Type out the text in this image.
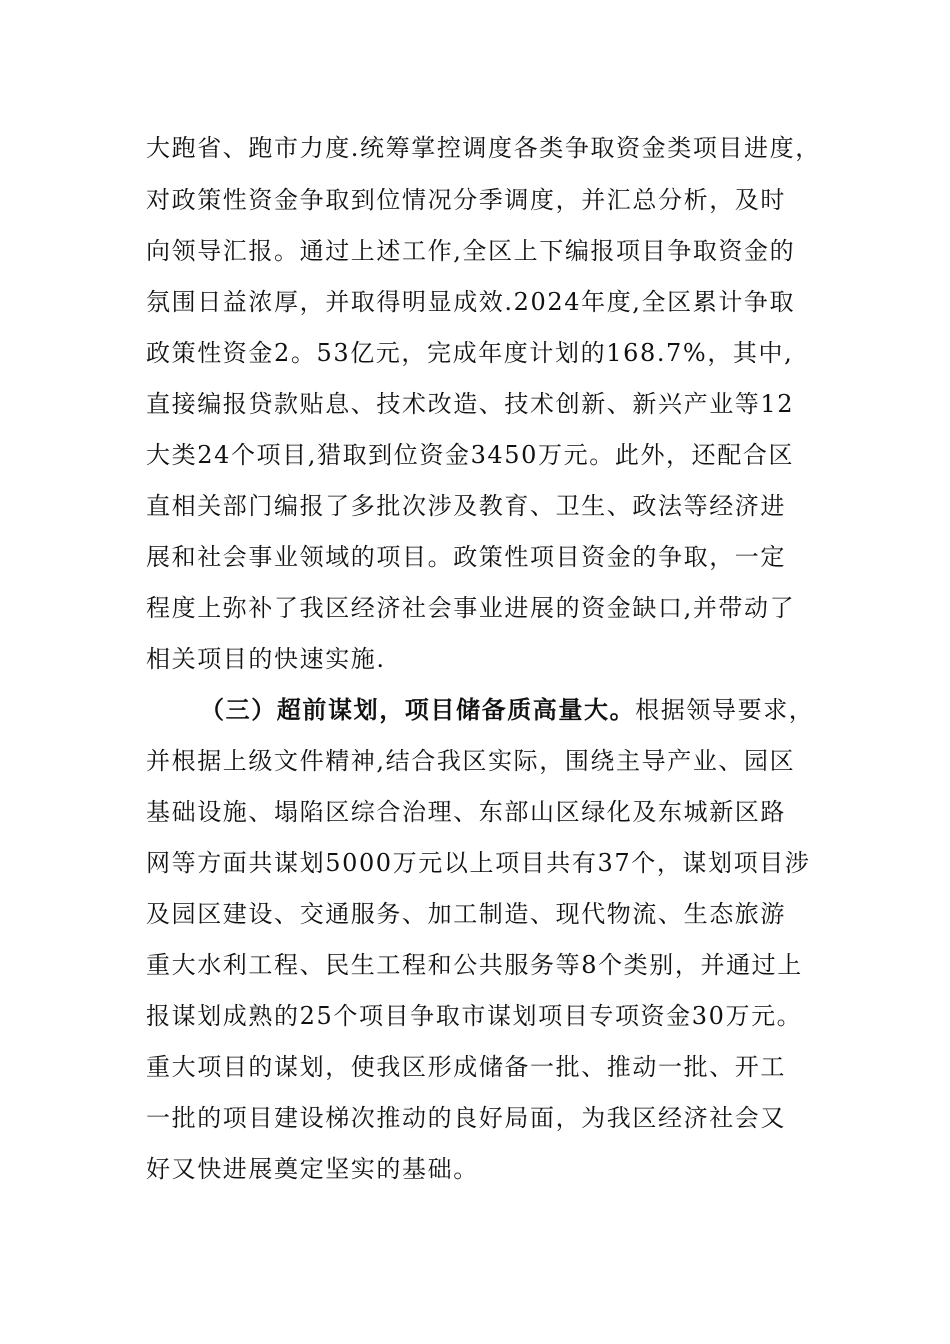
大跑省、跑市力度.统筹掌控调度各类争取资金类项目进度，
对政策性资金争取到位情况分季调度，并汇总分析，及时
向领导汇报。通过上述工作,全区上下编报项目争取资金的
氛围日益浓厚，并取得明显成效.2024年度,全区累计争取
政策性资金2。53亿元，完成年度计划的168.7%，其中,
直接编报贷款贴息、技术改造、技术创新、新兴产业等12
大类24个项目,猎取到位资金3450万元。此外，还配合区
直相关部门编报了多批次涉及教育、卫生、政法等经济进
展和社会事业领域的项目。政策性项目资金的争取，一定
程度上弥补了我区经济社会事业进展的资金缺口,并带动了
相关项目的快速实施.
（三）超前谋划，项目储备质高量大。根据领导要求，
并根据上级文件精神,结合我区实际，围绕主导产业、园区
基础设施、塌陷区综合治理、东部山区绿化及东城新区路
网等方面共谋划5000万元以上项目共有37个，谋划项目涉
及园区建设、交通服务、加工制造、现代物流、生态旅游
重大水利工程、民生工程和公共服务等8个类别，并通过上
报谋划成熟的25个项目争取市谋划项目专项资金30万元。
重大项目的谋划，使我区形成储备一批、推动一批、开工
一批的项目建设梯次推动的良好局面，为我区经济社会又
好又快进展奠定坚实的基础。
